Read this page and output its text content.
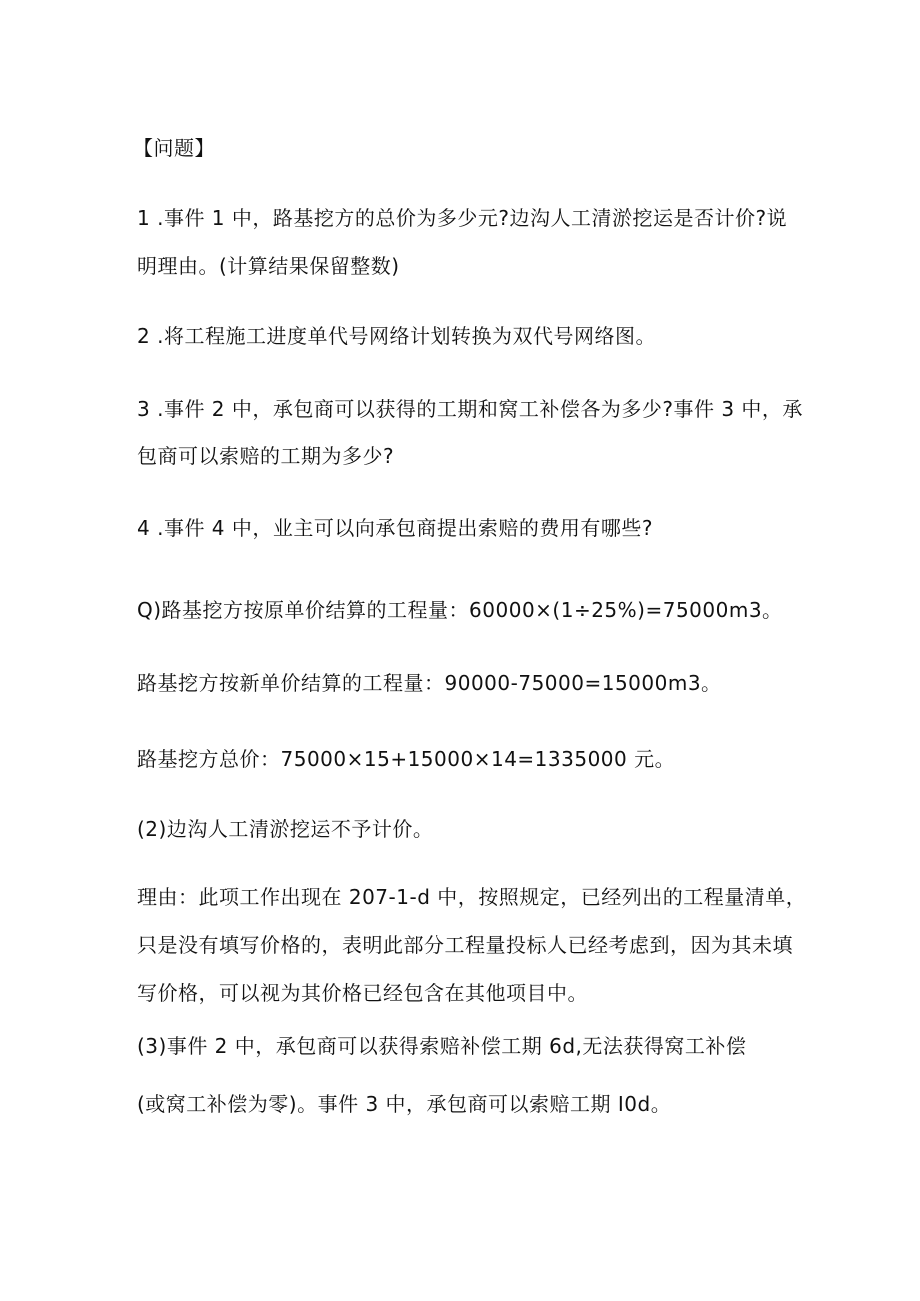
【问题】
1 .事件 1 中，路基挖方的总价为多少元?边沟人工清淤挖运是否计价?说
明理由。(计算结果保留整数)
2 .将工程施工进度单代号网络计划转换为双代号网络图。
3 .事件 2 中，承包商可以获得的工期和窝工补偿各为多少?事件 3 中，承
包商可以索赔的工期为多少?
4 .事件 4 中，业主可以向承包商提出索赔的费用有哪些?
Q)路基挖方按原单价结算的工程量：60000×(1÷25%)=75000m3。
路基挖方按新单价结算的工程量：90000-75000=15000m3。
路基挖方总价：75000×15+15000×14=1335000 元。
(2)边沟人工清淤挖运不予计价。
理由：此项工作出现在 207-1-d 中，按照规定，已经列出的工程量清单，
只是没有填写价格的，表明此部分工程量投标人已经考虑到，因为其未填
写价格，可以视为其价格已经包含在其他项目中。
(3)事件 2 中，承包商可以获得索赔补偿工期 6d,无法获得窝工补偿
(或窝工补偿为零)。事件 3 中，承包商可以索赔工期 I0d。
